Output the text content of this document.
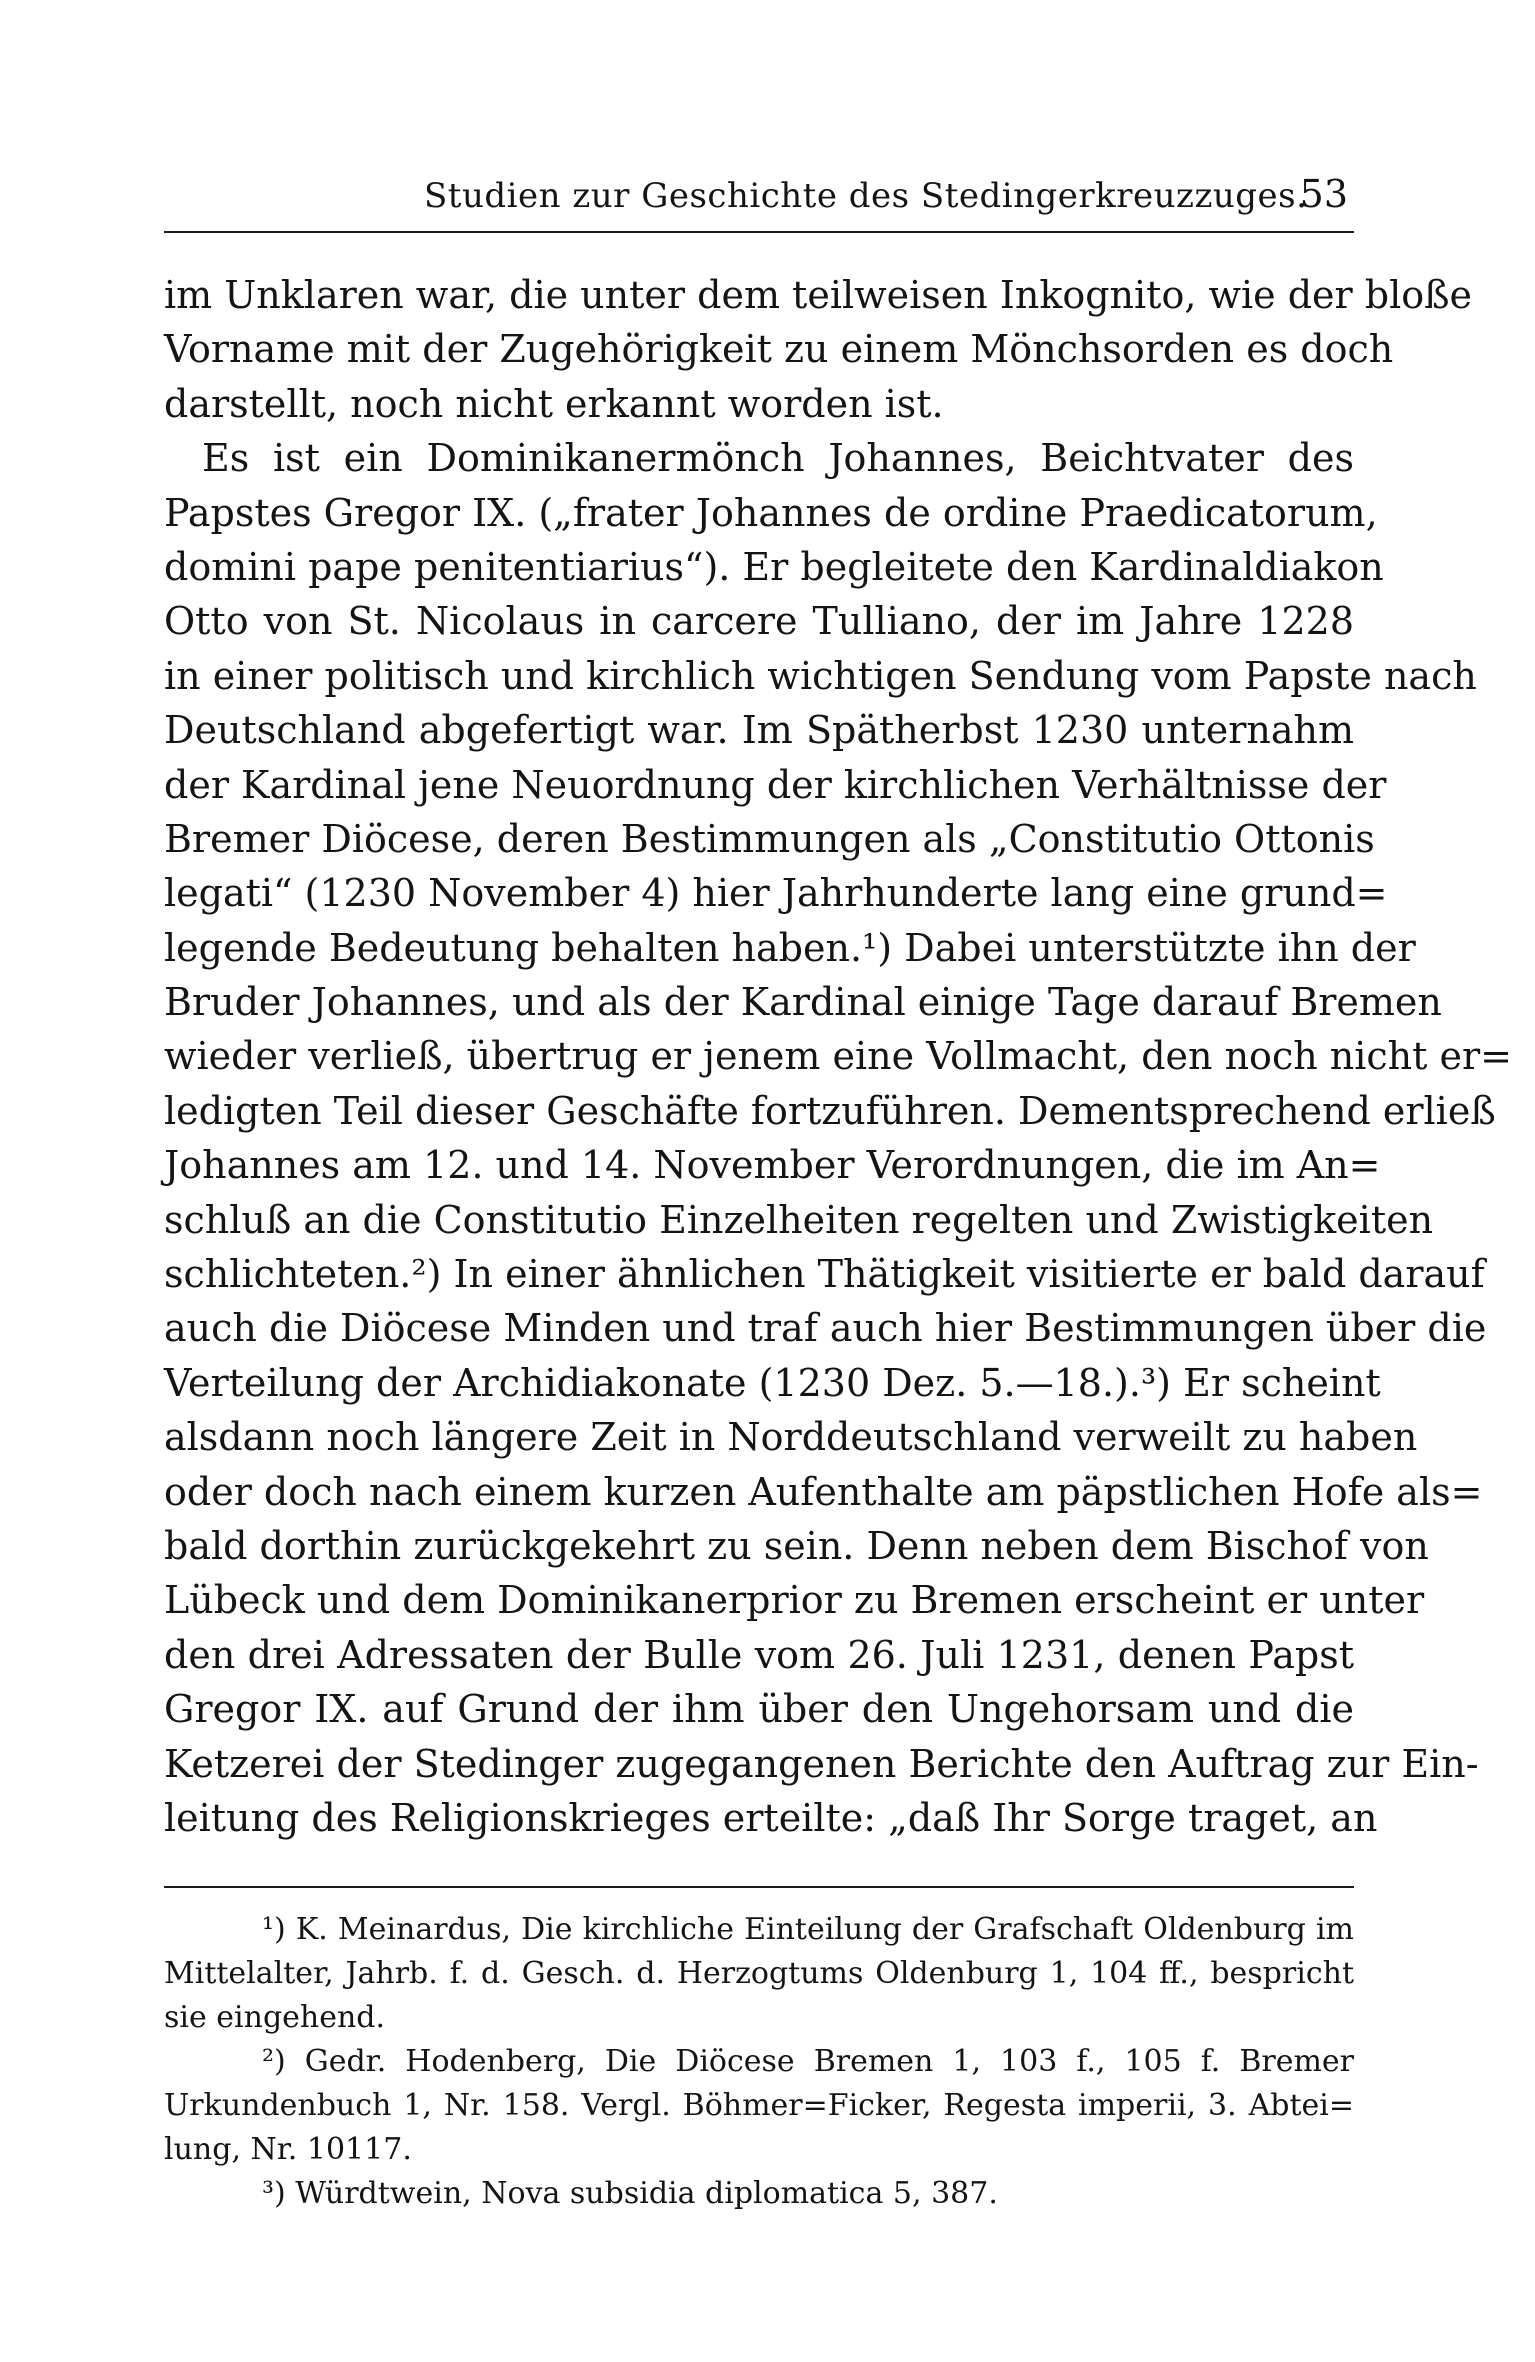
Studien zur Geschichte des Stedingerkreuzzuges.
53
im Unklaren war, die unter dem teilweisen Inkognito, wie der bloße
Vorname mit der Zugehörigkeit zu einem Mönchsorden es doch
darstellt, noch nicht erkannt worden ist.
Es ist ein Dominikanermönch Johannes, Beichtvater des
Papstes Gregor IX. („frater Johannes de ordine Praedicatorum,
domini pape penitentiarius“). Er begleitete den Kardinaldiakon
Otto von St. Nicolaus in carcere Tulliano, der im Jahre 1228
in einer politisch und kirchlich wichtigen Sendung vom Papste nach
Deutschland abgefertigt war. Im Spätherbst 1230 unternahm
der Kardinal jene Neuordnung der kirchlichen Verhältnisse der
Bremer Diöcese, deren Bestimmungen als „Constitutio Ottonis
legati“ (1230 November 4) hier Jahrhunderte lang eine grund=
legende Bedeutung behalten haben.¹) Dabei unterstützte ihn der
Bruder Johannes, und als der Kardinal einige Tage darauf Bremen
wieder verließ, übertrug er jenem eine Vollmacht, den noch nicht er=
ledigten Teil dieser Geschäfte fortzuführen. Dementsprechend erließ
Johannes am 12. und 14. November Verordnungen, die im An=
schluß an die Constitutio Einzelheiten regelten und Zwistigkeiten
schlichteten.²) In einer ähnlichen Thätigkeit visitierte er bald darauf
auch die Diöcese Minden und traf auch hier Bestimmungen über die
Verteilung der Archidiakonate (1230 Dez. 5.—18.).³) Er scheint
alsdann noch längere Zeit in Norddeutschland verweilt zu haben
oder doch nach einem kurzen Aufenthalte am päpstlichen Hofe als=
bald dorthin zurückgekehrt zu sein. Denn neben dem Bischof von
Lübeck und dem Dominikanerprior zu Bremen erscheint er unter
den drei Adressaten der Bulle vom 26. Juli 1231, denen Papst
Gregor IX. auf Grund der ihm über den Ungehorsam und die
Ketzerei der Stedinger zugegangenen Berichte den Auftrag zur Ein-
leitung des Religionskrieges erteilte: „daß Ihr Sorge traget, an
¹) K. Meinardus, Die kirchliche Einteilung der Grafschaft Oldenburg im
Mittelalter, Jahrb. f. d. Gesch. d. Herzogtums Oldenburg 1, 104 ff., bespricht
sie eingehend.
²) Gedr. Hodenberg, Die Diöcese Bremen 1, 103 f., 105 f. Bremer
Urkundenbuch 1, Nr. 158. Vergl. Böhmer=Ficker, Regesta imperii, 3. Abtei=
lung, Nr. 10117.
³) Würdtwein, Nova subsidia diplomatica 5, 387.
